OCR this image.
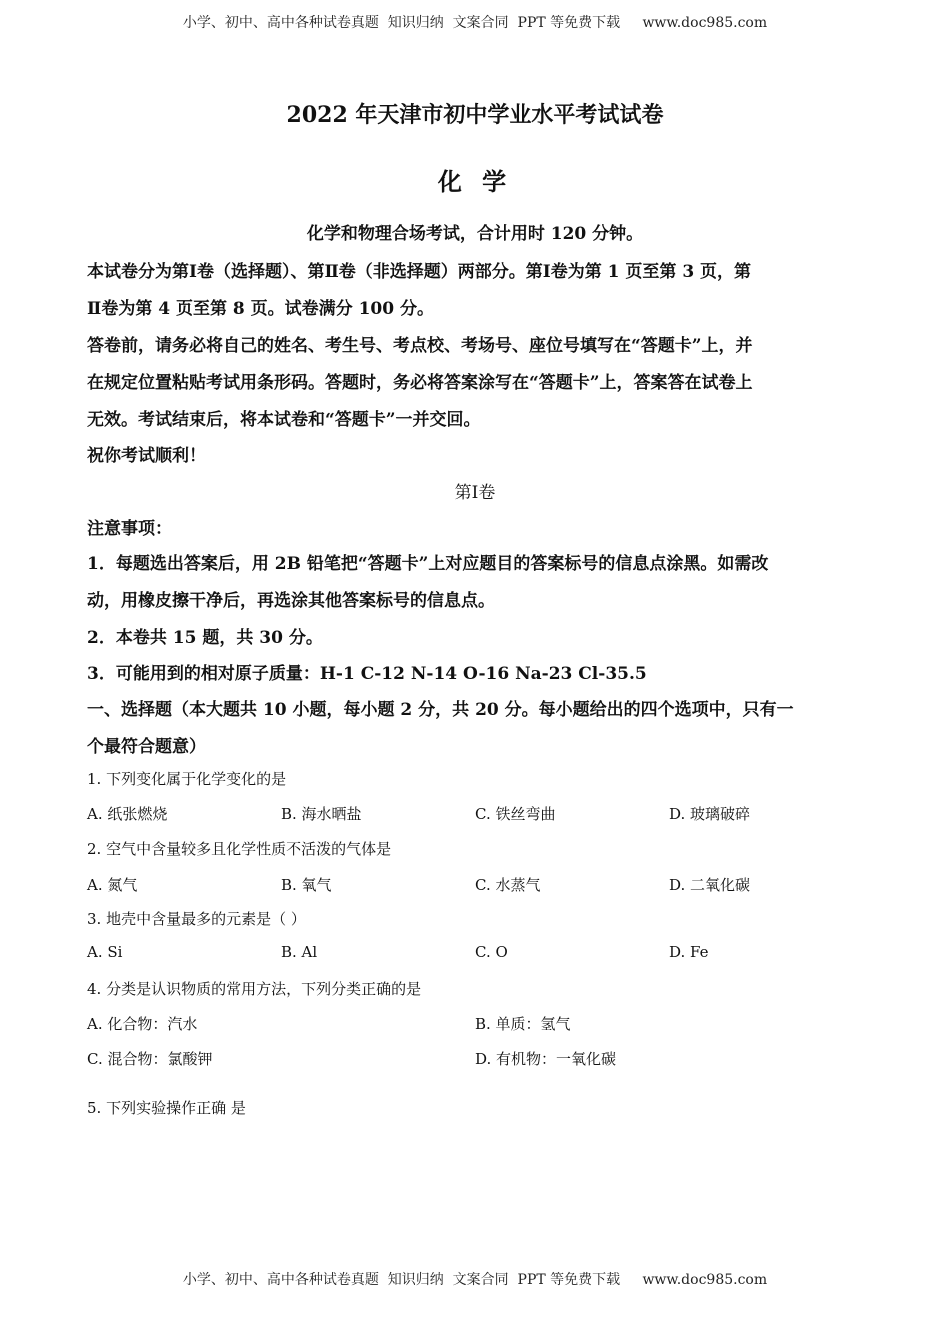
小学、初中、高中各种试卷真题  知识归纳  文案合同  PPT 等免费下载     www.doc985.com
2022 年天津市初中学业水平考试试卷
化 学
化学和物理合场考试，合计用时 120 分钟。
本试卷分为第Ⅰ卷（选择题）、第Ⅱ卷（非选择题）两部分。第Ⅰ卷为第 1 页至第 3 页，第
Ⅱ卷为第 4 页至第 8 页。试卷满分 100 分。
答卷前，请务必将自己的姓名、考生号、考点校、考场号、座位号填写在“答题卡”上，并
在规定位置粘贴考试用条形码。答题时，务必将答案涂写在“答题卡”上，答案答在试卷上
无效。考试结束后，将本试卷和“答题卡”一并交回。
祝你考试顺利！
第Ⅰ卷
注意事项：
1．每题选出答案后，用 2B 铅笔把“答题卡”上对应题目的答案标号的信息点涂黑。如需改
动，用橡皮擦干净后，再选涂其他答案标号的信息点。
2．本卷共 15 题，共 30 分。
3．可能用到的相对原子质量：H-1 C-12 N-14 O-16 Na-23 Cl-35.5
一、选择题（本大题共 10 小题，每小题 2 分，共 20 分。每小题给出的四个选项中，只有一
个最符合题意）
1. 下列变化属于化学变化的是
A. 纸张燃烧	B. 海水晒盐	C. 铁丝弯曲	D. 玻璃破碎
2. 空气中含量较多且化学性质不活泼的气体是
A. 氮气	B. 氧气	C. 水蒸气	D. 二氧化碳
3. 地壳中含量最多的元素是（ ）
A. Si	B. Al	C. O	D. Fe
4. 分类是认识物质的常用方法，下列分类正确的是
A. 化合物：汽水	B. 单质：氢气
C. 混合物：氯酸钾	D. 有机物：一氧化碳
5. 下列实验操作正确 是
小学、初中、高中各种试卷真题  知识归纳  文案合同  PPT 等免费下载     www.doc985.com
